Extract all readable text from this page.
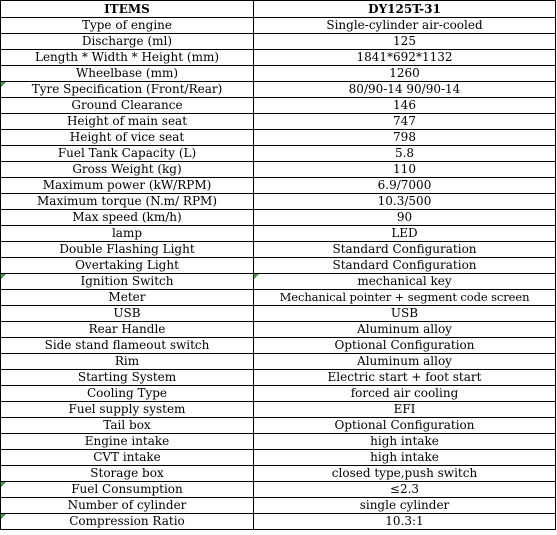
ITEMS	DY125T-31
Type of engine	Single-cylinder air-cooled
Discharge (ml)	125
Length * Width * Height (mm)	1841*692*1132
Wheelbase (mm)	1260

Tyre Specification (Front/Rear)	80/90-14 90/90-14
Ground Clearance	146
Height of main seat	747
Height of vice seat	798
Fuel Tank Capacity (L)	5.8
Gross Weight (kg)	110
Maximum power (kW/RPM)	6.9/7000
Maximum torque (N.m/ RPM)	10.3/500
Max speed (km/h)	90
lamp	LED
Double Flashing Light	Standard Configuration
Overtaking Light	Standard Configuration

Ignition Switch	mechanical key
Meter	Mechanical pointer + segment code screen
USB	USB
Rear Handle	Aluminum alloy
Side stand flameout switch	Optional Configuration
Rim	Aluminum alloy
Starting System	Electric start + foot start
Cooling Type	forced air cooling
Fuel supply system	EFI
Tail box	Optional Configuration
Engine intake	high intake
CVT intake	high intake
Storage box	closed type,push switch

Fuel Consumption	≤2.3
Number of cylinder	single cylinder

Compression Ratio	10.3:1
